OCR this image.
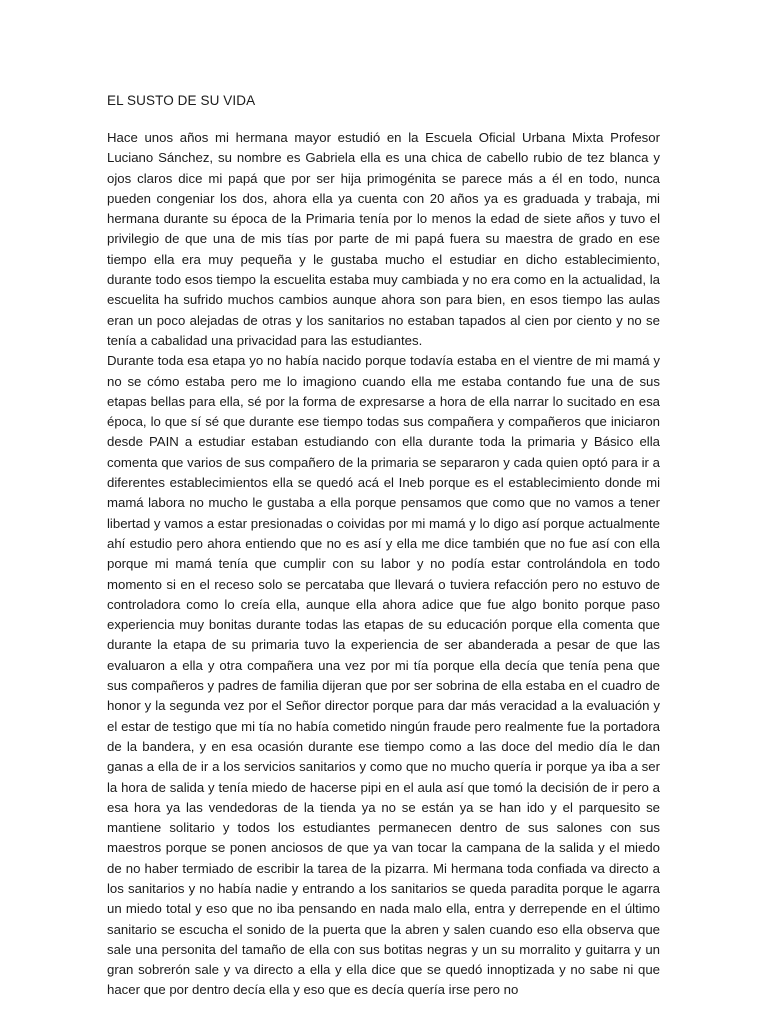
EL SUSTO DE SU VIDA

Hace unos años mi hermana mayor estudió en la Escuela Oficial Urbana Mixta Profesor Luciano Sánchez, su nombre es Gabriela ella es una chica de cabello rubio de tez blanca y ojos claros dice mi papá que por ser hija primogénita se parece más a él en todo, nunca pueden congeniar los dos, ahora ella ya cuenta con 20 años ya es graduada y trabaja, mi hermana durante su época de la Primaria tenía por lo menos la edad de siete años y tuvo el privilegio de que una de mis tías por parte de mi papá fuera su maestra de grado en ese tiempo ella era muy pequeña y le gustaba mucho el estudiar en dicho establecimiento, durante todo esos tiempo la escuelita estaba muy cambiada y no era como en la actualidad, la escuelita ha sufrido muchos cambios aunque ahora son para bien, en esos tiempo las aulas eran un poco alejadas de otras y los sanitarios no estaban tapados al cien por ciento y no se tenía a cabalidad una privacidad para las estudiantes.

Durante toda esa etapa yo no había nacido porque todavía estaba en el vientre de mi mamá y no se cómo estaba pero me lo imagiono cuando ella me estaba contando fue una de sus etapas bellas para ella, sé por la forma de expresarse a hora de ella narrar lo sucitado en esa época, lo que sí sé que durante ese tiempo todas sus compañera y compañeros que iniciaron desde PAIN a estudiar estaban estudiando con ella durante toda la primaria y Básico ella comenta que varios de sus compañero de la primaria se separaron y cada quien optó para ir a diferentes establecimientos ella se quedó acá el Ineb porque es el establecimiento donde mi mamá labora no mucho le gustaba a ella porque pensamos que como que no vamos a tener libertad y vamos a estar presionadas o coividas por mi mamá y lo digo así porque actualmente ahí estudio pero ahora entiendo que no es así y ella me dice también que no fue así con ella porque mi mamá tenía que cumplir con su labor y no podía estar controlándola en todo momento si en el receso solo se percataba que llevará o tuviera refacción pero no estuvo de controladora como lo creía ella, aunque ella ahora adice que fue algo bonito porque paso experiencia muy bonitas durante todas las etapas de su educación porque ella comenta que durante la etapa de su primaria tuvo la experiencia de ser abanderada a pesar de que las evaluaron a ella y otra compañera una vez por mi tía porque ella decía que tenía pena que sus compañeros y padres de familia dijeran que por ser sobrina de ella estaba en el cuadro de honor y la segunda vez por el Señor director porque para dar más veracidad a la evaluación y el estar de testigo que mi tía no había cometido ningún fraude pero realmente fue la portadora de la bandera, y en esa ocasión durante ese tiempo como a las doce del medio día le dan ganas a ella de ir a los servicios sanitarios y como que no mucho quería ir porque ya iba a ser la hora de salida y tenía miedo de hacerse pipi en el aula así que tomó la decisión de ir pero a esa hora ya las vendedoras de la tienda ya no se están ya se han ido y el parquesito se mantiene solitario y todos los estudiantes permanecen dentro de sus salones con sus maestros porque se ponen anciosos de que ya van tocar la campana de la salida y el miedo de no haber termiado de escribir la tarea de la pizarra. Mi hermana toda confiada va directo a los sanitarios y no había nadie y entrando a los sanitarios se queda paradita porque le agarra un miedo total y eso que no iba pensando en nada malo ella, entra y derrepende en el último sanitario se escucha el sonido de la puerta que la abren y salen cuando eso ella observa que sale una personita del tamaño de ella con sus botitas negras y un su morralito y guitarra y un gran sobrerón sale y va directo a ella y ella dice que se quedó innoptizada y no sabe ni que hacer que por dentro decía ella y eso que es decía quería irse pero no
